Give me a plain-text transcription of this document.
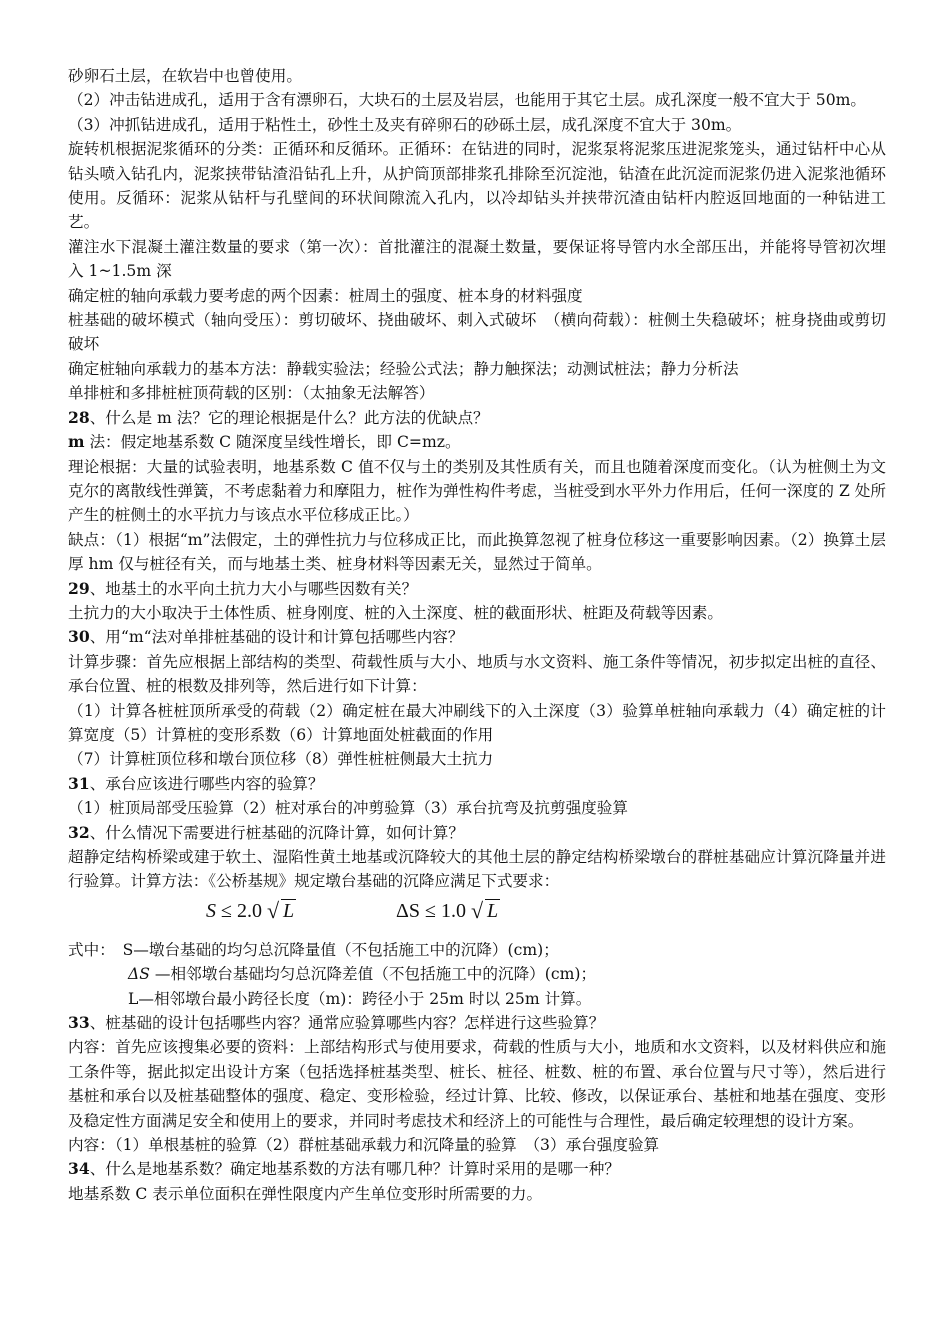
砂卵石土层，在软岩中也曾使用。

（2）冲击钻进成孔，适用于含有漂卵石，大块石的土层及岩层，也能用于其它土层。成孔深度一般不宜大于 50m。

（3）冲抓钻进成孔，适用于粘性土，砂性土及夹有碎卵石的砂砾土层，成孔深度不宜大于 30m。

旋转机根据泥浆循环的分类：正循环和反循环。正循环：在钻进的同时，泥浆泵将泥浆压进泥浆笼头，通过钻杆中心从钻头喷入钻孔内，泥浆挟带钻渣沿钻孔上升，从护筒顶部排浆孔排除至沉淀池，钻渣在此沉淀而泥浆仍进入泥浆池循环使用。反循环：泥浆从钻杆与孔壁间的环状间隙流入孔内，以冷却钻头并挟带沉渣由钻杆内腔返回地面的一种钻进工艺。

灌注水下混凝土灌注数量的要求（第一次）：首批灌注的混凝土数量，要保证将导管内水全部压出，并能将导管初次埋入 1~1.5m 深

确定桩的轴向承载力要考虑的两个因素：桩周土的强度、桩本身的材料强度

桩基础的破坏模式（轴向受压）：剪切破坏、挠曲破坏、刺入式破坏　（横向荷载）：桩侧土失稳破坏；桩身挠曲或剪切破坏

确定桩轴向承载力的基本方法：静载实验法；经验公式法；静力触探法；动测试桩法；静力分析法

单排桩和多排桩桩顶荷载的区别：（太抽象无法解答）

28、什么是 m 法？它的理论根据是什么？此方法的优缺点？

m 法：假定地基系数 C 随深度呈线性增长，即 C=mz。

理论根据：大量的试验表明，地基系数 C 值不仅与土的类别及其性质有关，而且也随着深度而变化。（认为桩侧土为文克尔的离散线性弹簧，不考虑黏着力和摩阻力，桩作为弹性构件考虑，当桩受到水平外力作用后，任何一深度的 Z 处所产生的桩侧土的水平抗力与该点水平位移成正比。）

缺点：（1）根据“m”法假定，土的弹性抗力与位移成正比，而此换算忽视了桩身位移这一重要影响因素。（2）换算土层厚 hm 仅与桩径有关，而与地基土类、桩身材料等因素无关，显然过于简单。

29、地基土的水平向土抗力大小与哪些因数有关？

土抗力的大小取决于土体性质、桩身刚度、桩的入土深度、桩的截面形状、桩距及荷载等因素。

30、用“m“法对单排桩基础的设计和计算包括哪些内容？

计算步骤：首先应根据上部结构的类型、荷载性质与大小、地质与水文资料、施工条件等情况，初步拟定出桩的直径、承台位置、桩的根数及排列等，然后进行如下计算：

（1）计算各桩桩顶所承受的荷载（2）确定桩在最大冲刷线下的入土深度（3）验算单桩轴向承载力（4）确定桩的计算宽度（5）计算桩的变形系数（6）计算地面处桩截面的作用

（7）计算桩顶位移和墩台顶位移（8）弹性桩桩侧最大土抗力

31、承台应该进行哪些内容的验算？

（1）桩顶局部受压验算（2）桩对承台的冲剪验算（3）承台抗弯及抗剪强度验算

32、什么情况下需要进行桩基础的沉降计算，如何计算？

超静定结构桥梁或建于软土、湿陷性黄土地基或沉降较大的其他土层的静定结构桥梁墩台的群桩基础应计算沉降量并进行验算。计算方法：《公桥基规》规定墩台基础的沉降应满足下式要求：

S ≤ 2.0 √ L	ΔS ≤ 1.0 √ L

式中：　S—墩台基础的均匀总沉降量值（不包括施工中的沉降）(cm)；

ΔS —相邻墩台基础均匀总沉降差值（不包括施工中的沉降）(cm)；

L—相邻墩台最小跨径长度（m)：跨径小于 25m 时以 25m 计算。

33、桩基础的设计包括哪些内容？通常应验算哪些内容？怎样进行这些验算？

内容：首先应该搜集必要的资料：上部结构形式与使用要求，荷载的性质与大小，地质和水文资料，以及材料供应和施工条件等，据此拟定出设计方案（包括选择桩基类型、桩长、桩径、桩数、桩的布置、承台位置与尺寸等），然后进行基桩和承台以及桩基础整体的强度、稳定、变形检验，经过计算、比较、修改，以保证承台、基桩和地基在强度、变形及稳定性方面满足安全和使用上的要求，并同时考虑技术和经济上的可能性与合理性，最后确定较理想的设计方案。

内容：（1）单根基桩的验算（2）群桩基础承载力和沉降量的验算　（3）承台强度验算

34、什么是地基系数？确定地基系数的方法有哪几种？计算时采用的是哪一种？

地基系数 C 表示单位面积在弹性限度内产生单位变形时所需要的力。
